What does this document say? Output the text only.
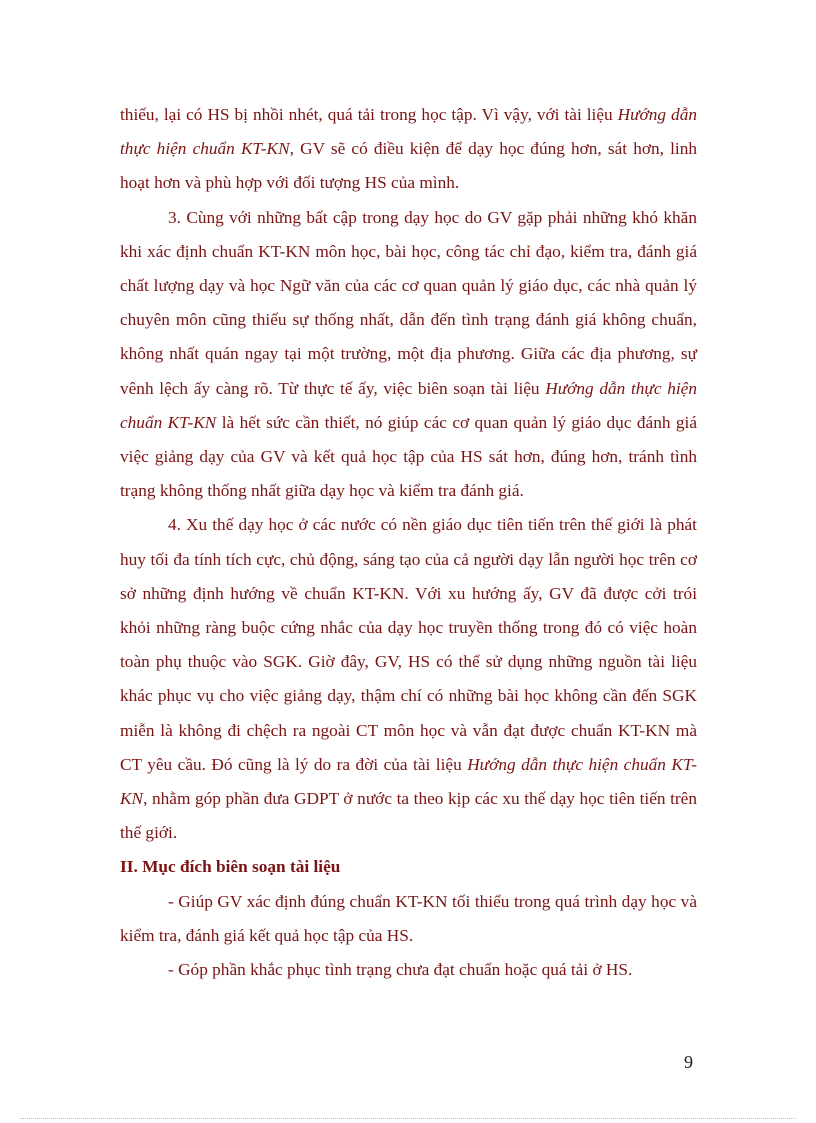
thiếu, lại có HS bị nhồi nhét, quá tải trong học tập. Vì vậy, với tài liệu Hướng dẫn thực hiện chuẩn KT-KN, GV sẽ có điều kiện để dạy học đúng hơn, sát hơn, linh hoạt hơn và phù hợp với đối tượng HS của mình.

3. Cùng với những bất cập trong dạy học do GV gặp phải những khó khăn khi xác định chuẩn KT-KN môn học, bài học, công tác chỉ đạo, kiểm tra, đánh giá chất lượng dạy và học Ngữ văn của các cơ quan quản lý giáo dục, các nhà quản lý chuyên môn cũng thiếu sự thống nhất, dẫn đến tình trạng đánh giá không chuẩn, không nhất quán ngay tại một trường, một địa phương. Giữa các địa phương, sự vênh lệch ấy càng rõ. Từ thực tế ấy, việc biên soạn tài liệu Hướng dẫn thực hiện chuẩn KT-KN là hết sức cần thiết, nó giúp các cơ quan quản lý giáo dục đánh giá việc giảng dạy của GV và kết quả học tập của HS sát hơn, đúng hơn, tránh tình trạng không thống nhất giữa dạy học và kiểm tra đánh giá.

4. Xu thế dạy học ở các nước có nền giáo dục tiên tiến trên thế giới là phát huy tối đa tính tích cực, chủ động, sáng tạo của cả người dạy lẫn người học trên cơ sở những định hướng về chuẩn KT-KN. Với xu hướng ấy, GV đã được cởi trói khỏi những ràng buộc cứng nhắc của dạy học truyền thống trong đó có việc hoàn toàn phụ thuộc vào SGK. Giờ đây, GV, HS có thể sử dụng những nguồn tài liệu khác phục vụ cho việc giảng dạy, thậm chí có những bài học không cần đến SGK miễn là không đi chệch ra ngoài CT môn học và vẫn đạt được chuẩn KT-KN mà CT yêu cầu. Đó cũng là lý do ra đời của tài liệu Hướng dẫn thực hiện chuẩn KT-KN, nhằm góp phần đưa GDPT ở nước ta theo kịp các xu thế dạy học tiên tiến trên thế giới.

II. Mục đích biên soạn tài liệu

- Giúp GV xác định đúng chuẩn KT-KN tối thiểu trong quá trình dạy học và kiểm tra, đánh giá kết quả học tập của HS.

- Góp phần khắc phục tình trạng chưa đạt chuẩn hoặc quá tải ở HS.

9
